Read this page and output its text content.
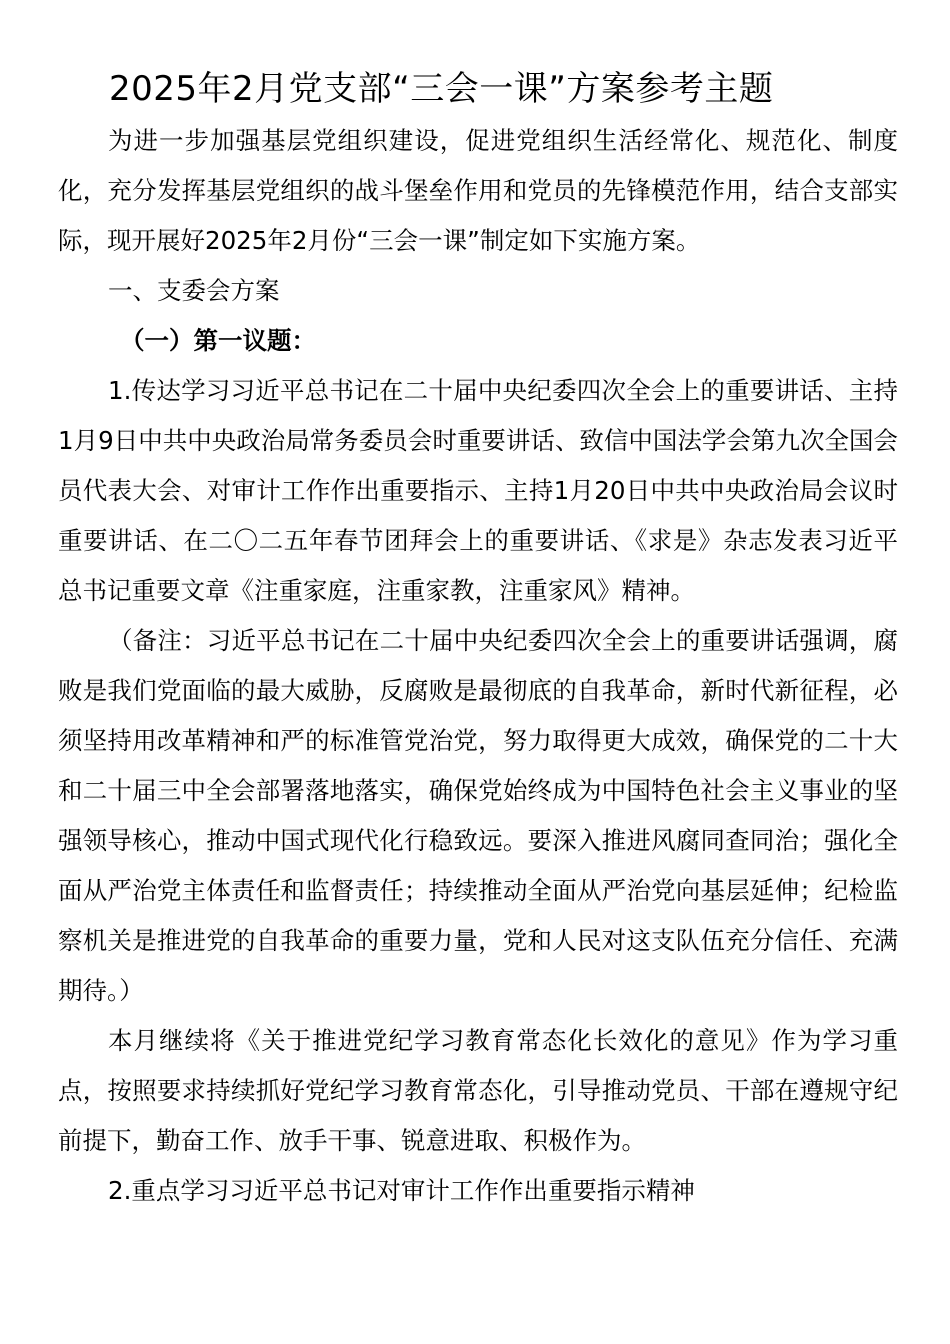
2025年2月党支部“三会一课”方案参考主题

为进一步加强基层党组织建设，促进党组织生活经常化、规范化、制度化，充分发挥基层党组织的战斗堡垒作用和党员的先锋模范作用，结合支部实际，现开展好2025年2月份“三会一课”制定如下实施方案。

一、支委会方案

（一）第一议题：

1.传达学习习近平总书记在二十届中央纪委四次全会上的重要讲话、主持1月9日中共中央政治局常务委员会时重要讲话、致信中国法学会第九次全国会员代表大会、对审计工作作出重要指示、主持1月20日中共中央政治局会议时重要讲话、在二〇二五年春节团拜会上的重要讲话、《求是》杂志发表习近平总书记重要文章《注重家庭，注重家教，注重家风》精神。

（备注：习近平总书记在二十届中央纪委四次全会上的重要讲话强调，腐败是我们党面临的最大威胁，反腐败是最彻底的自我革命，新时代新征程，必须坚持用改革精神和严的标准管党治党，努力取得更大成效，确保党的二十大和二十届三中全会部署落地落实，确保党始终成为中国特色社会主义事业的坚强领导核心，推动中国式现代化行稳致远。要深入推进风腐同查同治；强化全面从严治党主体责任和监督责任；持续推动全面从严治党向基层延伸；纪检监察机关是推进党的自我革命的重要力量，党和人民对这支队伍充分信任、充满期待。）

本月继续将《关于推进党纪学习教育常态化长效化的意见》作为学习重点，按照要求持续抓好党纪学习教育常态化，引导推动党员、干部在遵规守纪前提下，勤奋工作、放手干事、锐意进取、积极作为。

2.重点学习习近平总书记对审计工作作出重要指示精神
